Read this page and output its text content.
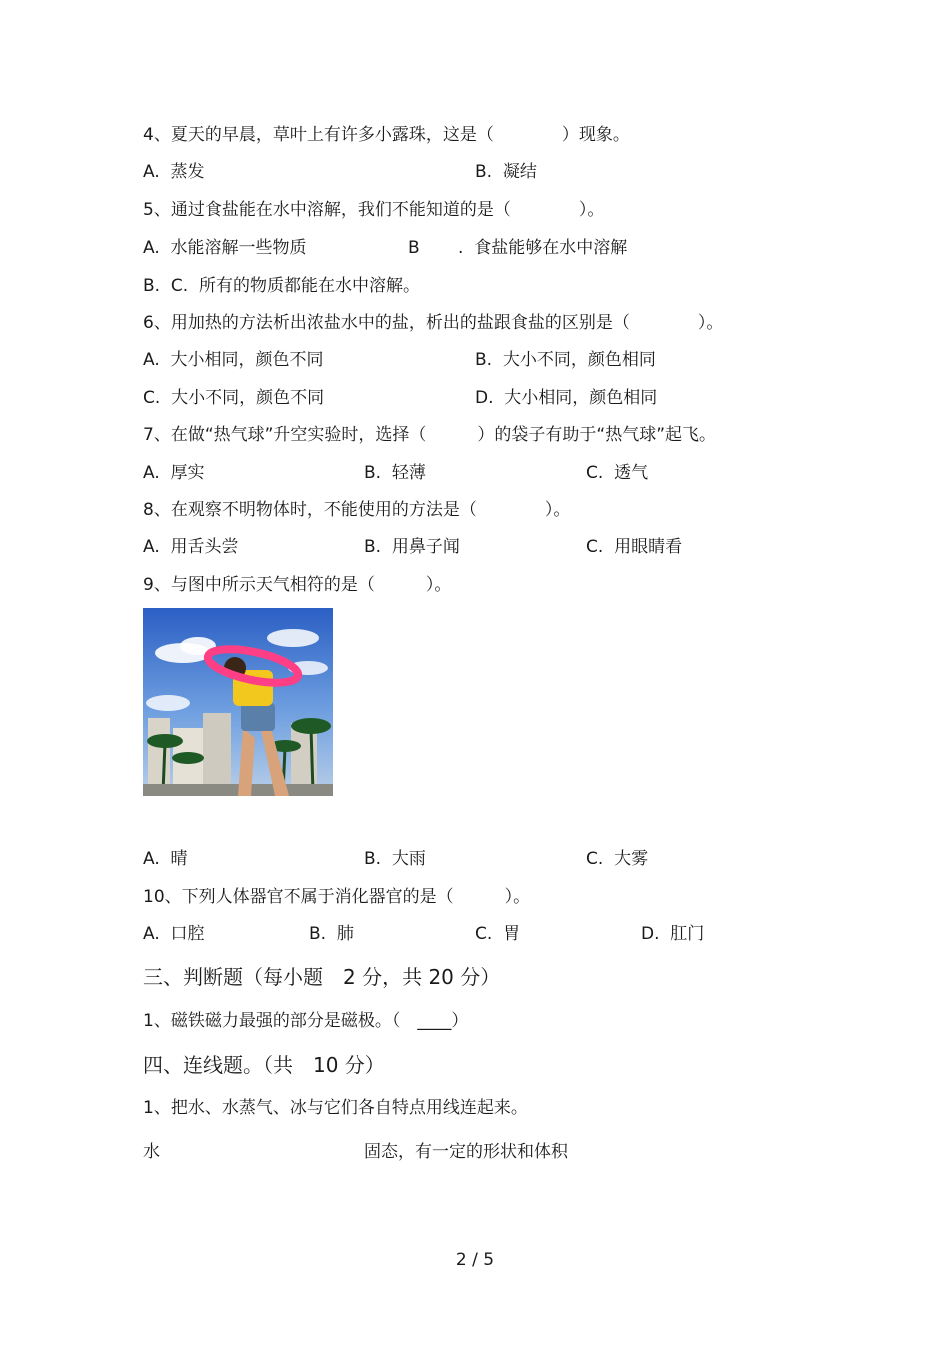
4、夏天的早晨，草叶上有许多小露珠，这是（　　　　）现象。
A.  蒸发	B.  凝结
5、通过食盐能在水中溶解，我们不能知道的是（　　　　）。
A.  水能溶解一些物质	B .  食盐能够在水中溶解
B.  C.  所有的物质都能在水中溶解。
6、用加热的方法析出浓盐水中的盐，析出的盐跟食盐的区别是（　　　　）。
A.  大小相同，颜色不同	B.  大小不同，颜色相同
C.  大小不同，颜色不同	D.  大小相同，颜色相同
7、在做“热气球”升空实验时，选择（　　　）的袋子有助于“热气球”起飞。
A.  厚实	B.  轻薄	C.  透气
8、在观察不明物体时，不能使用的方法是（　　　　）。
A.  用舌头尝	B.  用鼻子闻	C.  用眼睛看
9、与图中所示天气相符的是（　　　）。
A.  晴	B.  大雨	C.  大雾
10、下列人体器官不属于消化器官的是（　　　）。
A.  口腔	B.  肺	C.  胃	D.  肛门
三、判断题（每小题　2 分，共 20 分）
1、磁铁磁力最强的部分是磁极。（　____）
四、连线题。（共　10 分）
1、把水、水蒸气、冰与它们各自特点用线连起来。
水	固态，有一定的形状和体积
2 / 5
